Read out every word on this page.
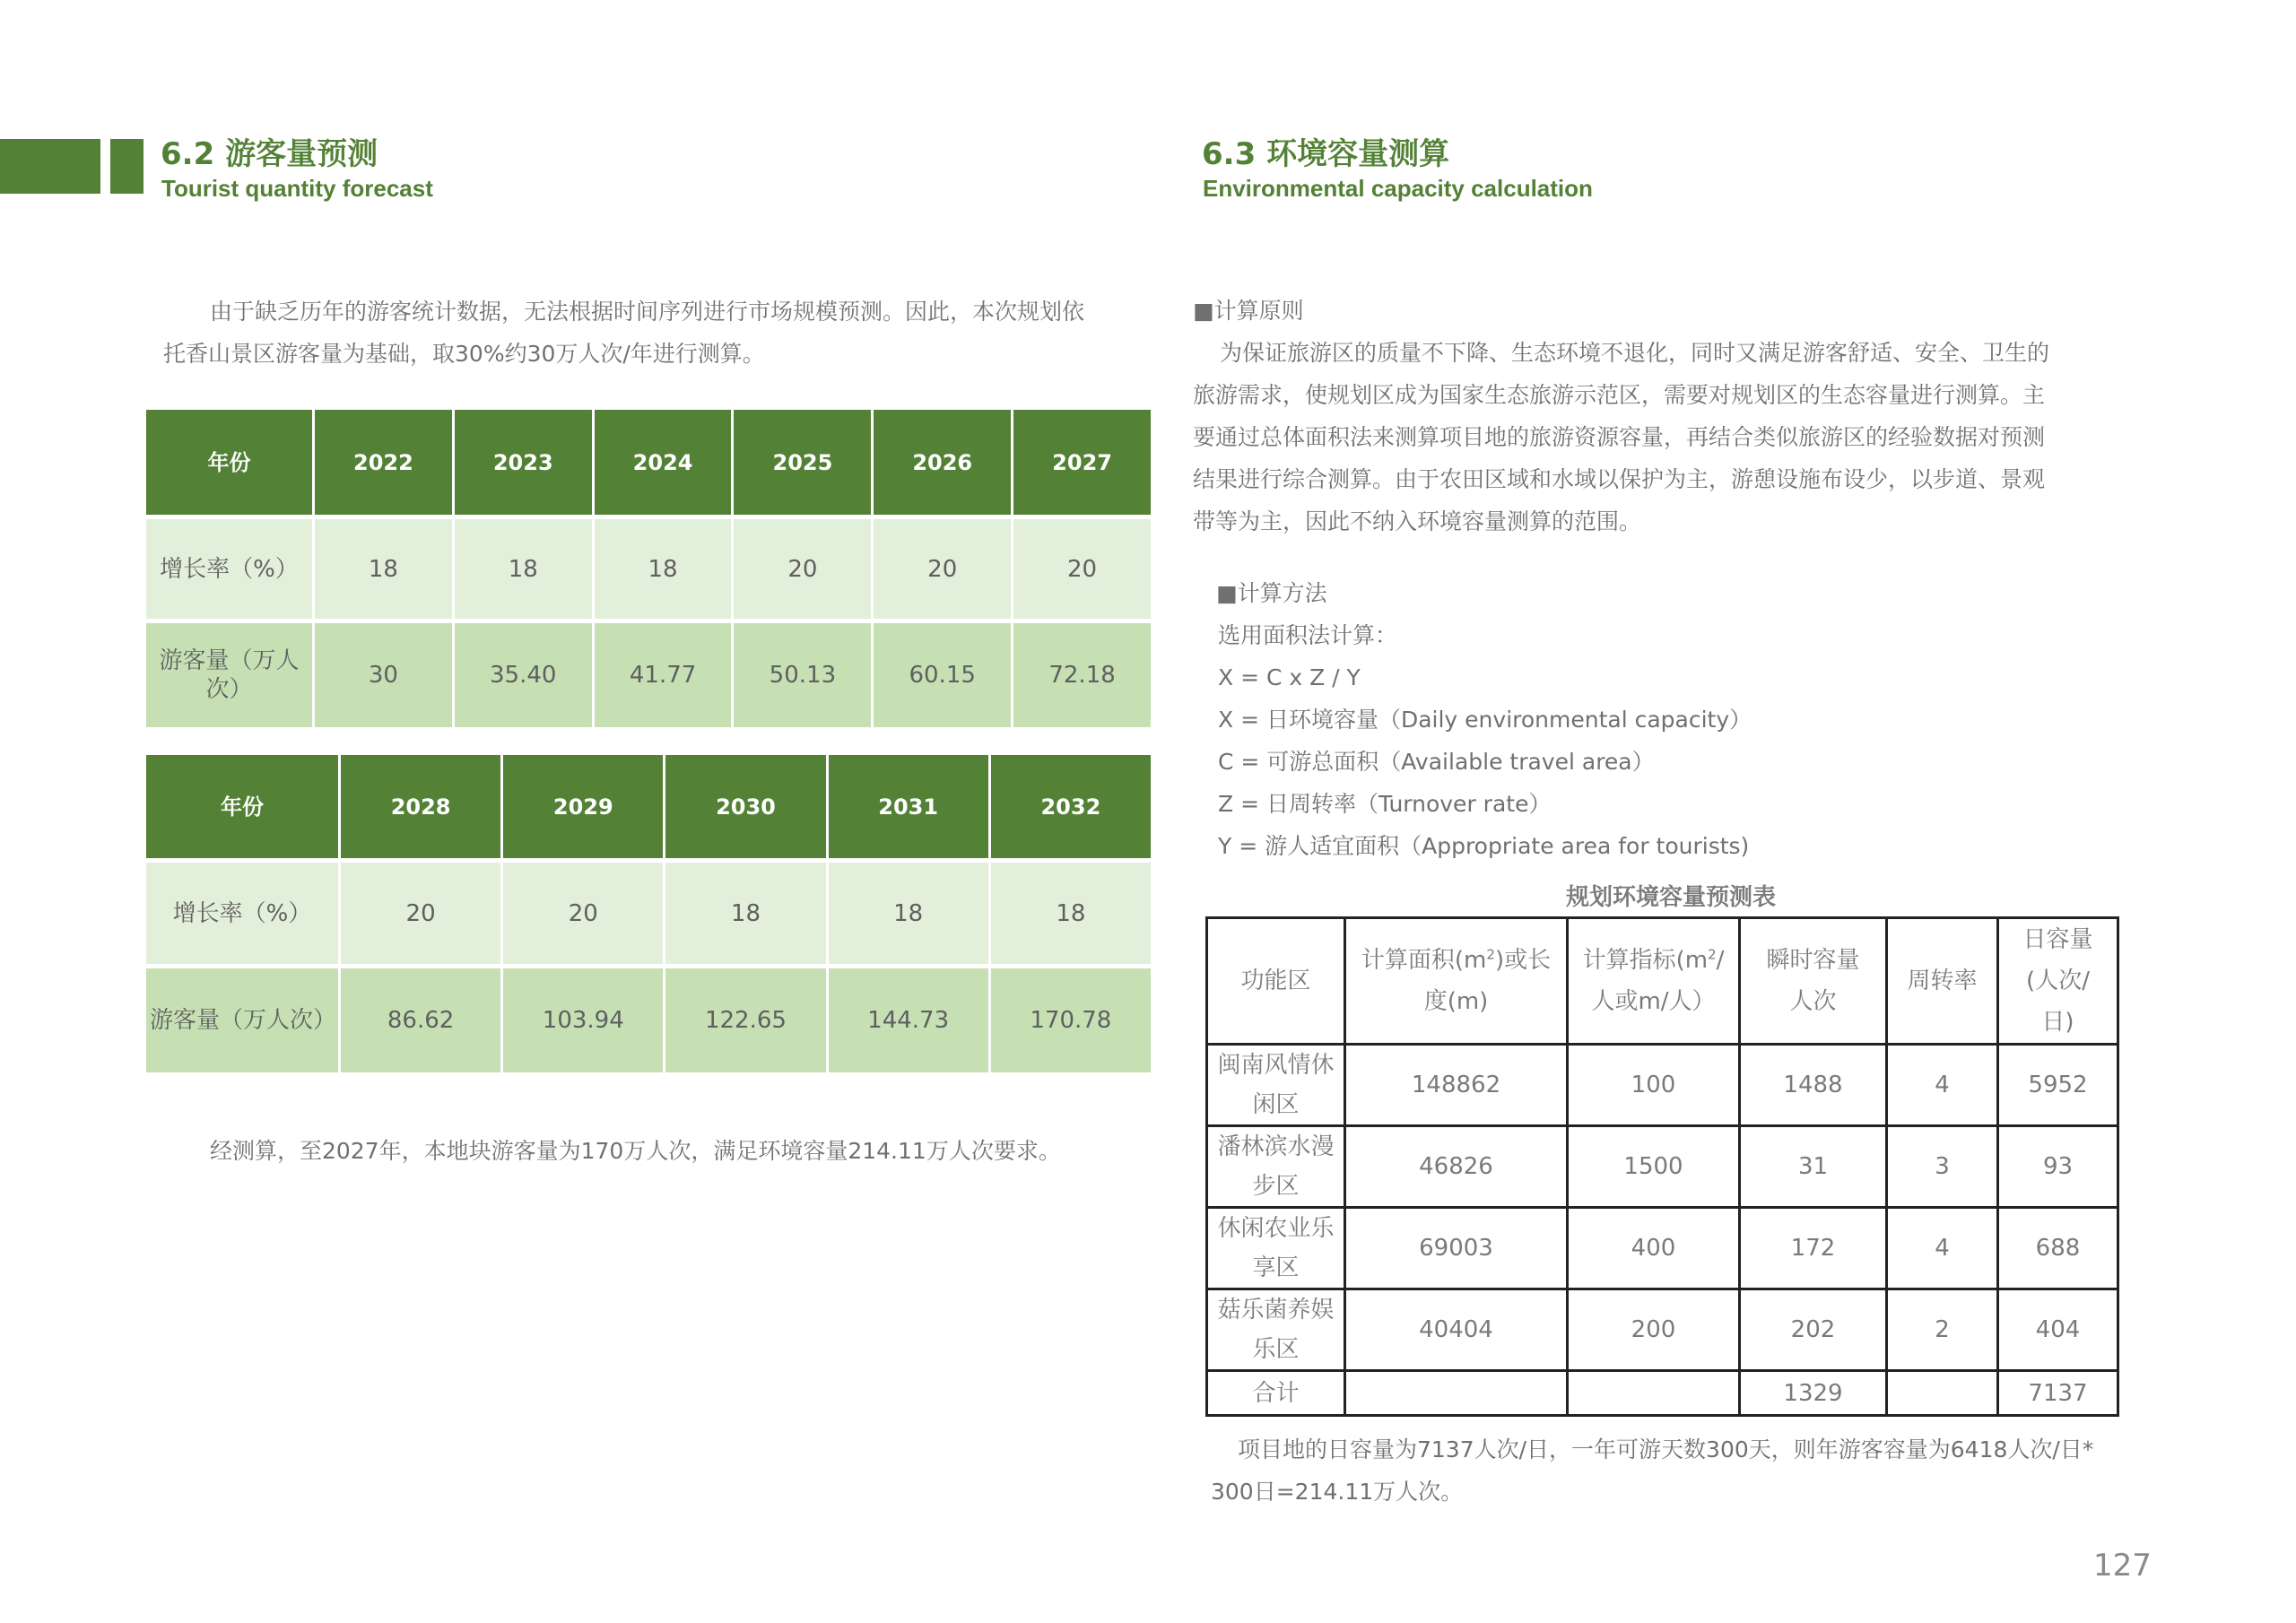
6.2 游客量预测
Tourist quantity forecast

由于缺乏历年的游客统计数据，无法根据时间序列进行市场规模预测。因此，本次规划依

托香山景区游客量为基础，取30%约30万人次/年进行测算。

年份	2022	2023	2024	2025	2026	2027

增长率（%）	18	18	18	20	20	20

游客量（万人次）	30	35.40	41.77	50.13	60.15	72.18
年份	2028	2029	2030	2031	2032

增长率（%）	20	20	18	18	18

游客量（万人次）	86.62	103.94	122.65	144.73	170.78
经测算，至2027年，本地块游客量为170万人次，满足环境容量214.11万人次要求。
6.3 环境容量测算
Environmental capacity calculation
■计算原则

为保证旅游区的质量不下降、生态环境不退化，同时又满足游客舒适、安全、卫生的

旅游需求，使规划区成为国家生态旅游示范区，需要对规划区的生态容量进行测算。主

要通过总体面积法来测算项目地的旅游资源容量，再结合类似旅游区的经验数据对预测

结果进行综合测算。由于农田区域和水域以保护为主，游憩设施布设少，以步道、景观

带等为主，因此不纳入环境容量测算的范围。

■计算方法

选用面积法计算：

X = C x Z / Y

X = 日环境容量（Daily environmental capacity）

C = 可游总面积（Available travel area）

Z = 日周转率（Turnover rate）

Y = 游人适宜面积（Appropriate area for tourists)

规划环境容量预测表
功能区	计算面积$(m^2)$或长度(m)	计算指标($m^2/$人或m/人）	瞬时容量人次	周转率	日容量(人次/日)
闽南风情休闲区	148862	100	1488	4	5952
潘林滨水漫步区	46826	1500	31	3	93
休闲农业乐享区	69003	400	172	4	688
菇乐菌养娱乐区	40404	200	202	2	404
合计			1329		7137

项目地的日容量为7137人次/日，一年可游天数300天，则年游客容量为6418人次/日*

300日=214.11万人次。

127
